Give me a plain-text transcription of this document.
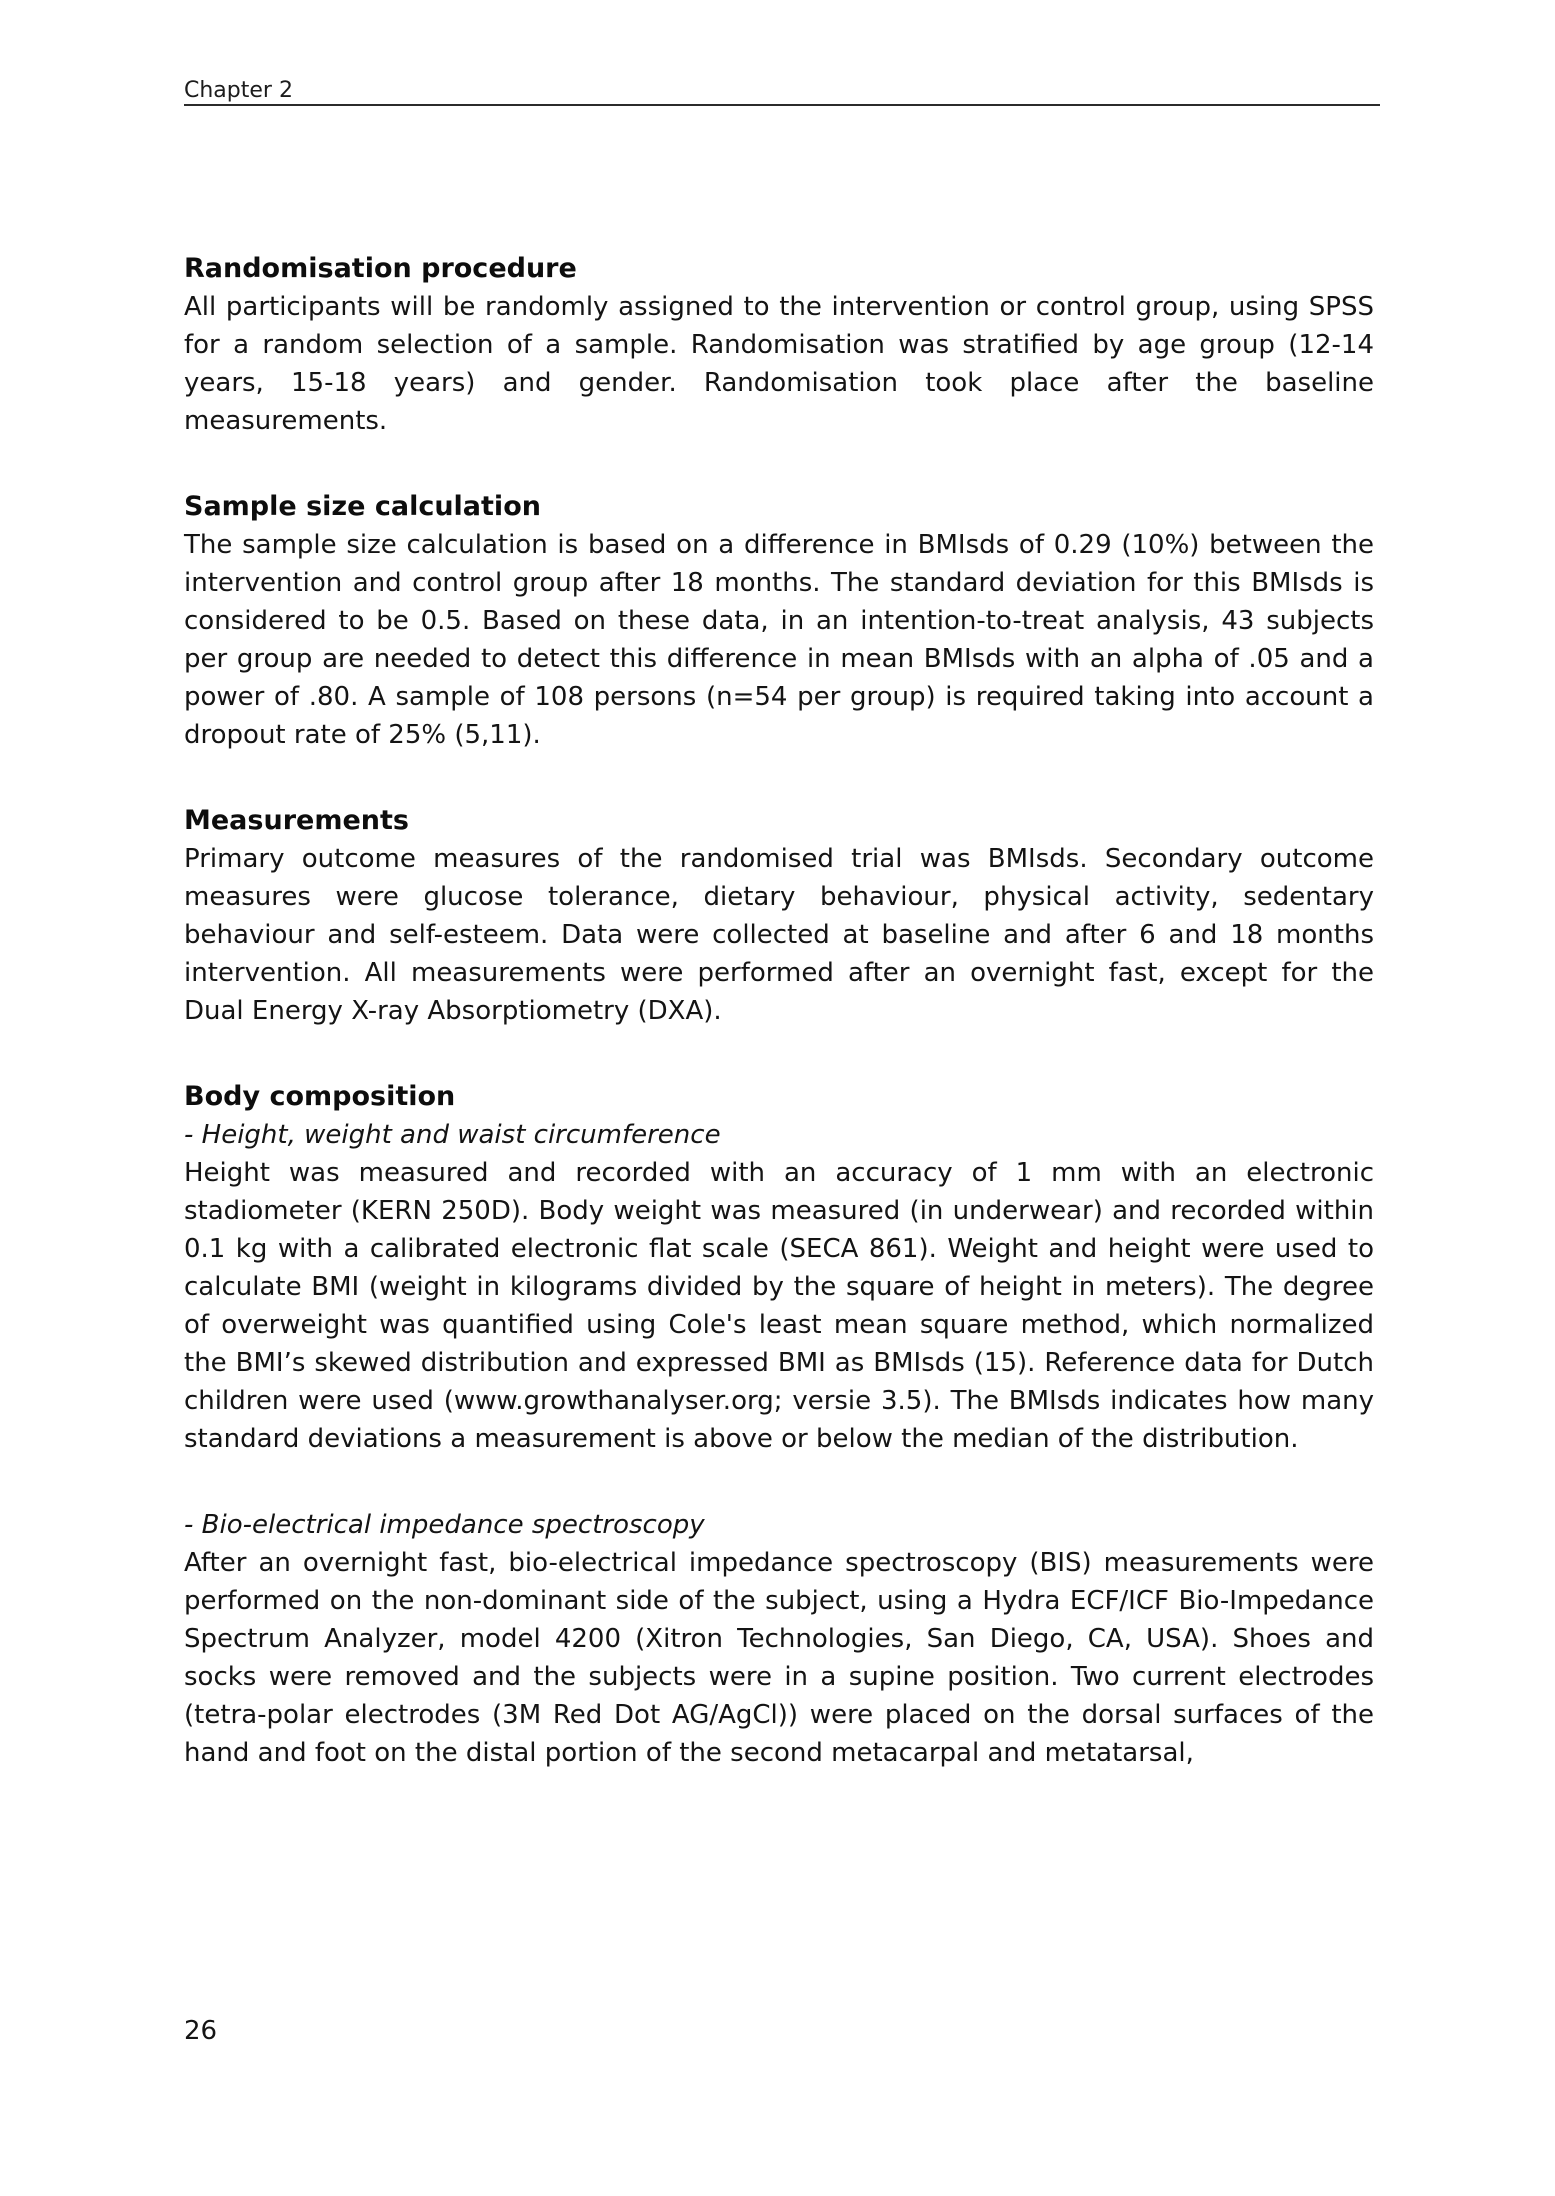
Chapter 2
Randomisation procedure

All participants will be randomly assigned to the intervention or control group, using SPSS for a random selection of a sample. Randomisation was stratified by age group (12-14 years, 15-18 years) and gender. Randomisation took place after the baseline measurements.

Sample size calculation

The sample size calculation is based on a difference in BMIsds of 0.29 (10%) between the intervention and control group after 18 months. The standard deviation for this BMIsds is considered to be 0.5. Based on these data, in an intention-to-treat analysis, 43 subjects per group are needed to detect this difference in mean BMIsds with an alpha of .05 and a power of .80. A sample of 108 persons (n=54 per group) is required taking into account a dropout rate of 25% (5,11).

Measurements

Primary outcome measures of the randomised trial was BMIsds. Secondary outcome measures were glucose tolerance, dietary behaviour, physical activity, sedentary behaviour and self-esteem. Data were collected at baseline and after 6 and 18 months intervention. All measurements were performed after an overnight fast, except for the Dual Energy X-ray Absorptiometry (DXA).

Body composition

- Height, weight and waist circumference

Height was measured and recorded with an accuracy of 1 mm with an electronic stadiometer (KERN 250D). Body weight was measured (in underwear) and recorded within 0.1 kg with a calibrated electronic flat scale (SECA 861). Weight and height were used to calculate BMI (weight in kilograms divided by the square of height in meters). The degree of overweight was quantified using Cole's least mean square method, which normalized the BMI’s skewed distribution and expressed BMI as BMIsds (15). Reference data for Dutch children were used (www.growthanalyser.org; versie 3.5). The BMIsds indicates how many standard deviations a measurement is above or below the median of the distribution.

- Bio-electrical impedance spectroscopy

After an overnight fast, bio-electrical impedance spectroscopy (BIS) measurements were performed on the non-dominant side of the subject, using a Hydra ECF/ICF Bio-Impedance Spectrum Analyzer, model 4200 (Xitron Technologies, San Diego, CA, USA). Shoes and socks were removed and the subjects were in a supine position. Two current electrodes (tetra-polar electrodes (3M Red Dot AG/AgCl)) were placed on the dorsal surfaces of the hand and foot on the distal portion of the second metacarpal and metatarsal,

26
